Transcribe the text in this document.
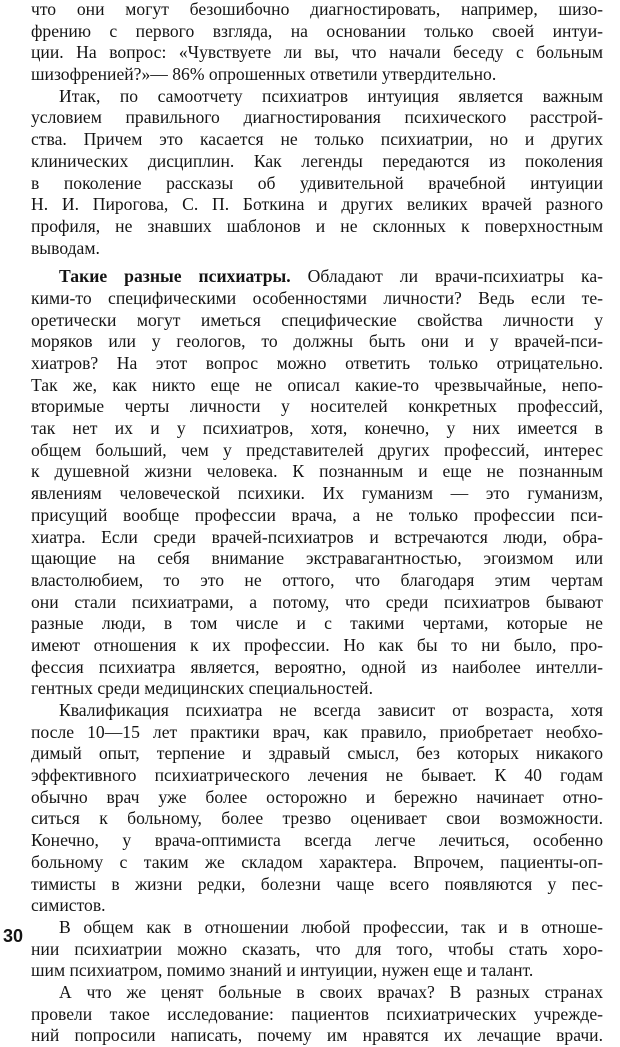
что они могут безошибочно диагностировать, например, шизо-
френию с первого взгляда, на основании только своей интуи-
ции. На вопрос: «Чувствуете ли вы, что начали беседу с больным
шизофренией?»— 86% опрошенных ответили утвердительно.
Итак, по самоотчету психиатров интуиция является важным
условием правильного диагностирования психического расстрой-
ства. Причем это касается не только психиатрии, но и других
клинических дисциплин. Как легенды передаются из поколения
в поколение рассказы об удивительной врачебной интуиции
Н. И. Пирогова, С. П. Боткина и других великих врачей разного
профиля, не знавших шаблонов и не склонных к поверхностным
выводам.
Такие разные психиатры. Обладают ли врачи-психиатры ка-
кими-то специфическими особенностями личности? Ведь если те-
оретически могут иметься специфические свойства личности у
моряков или у геологов, то должны быть они и у врачей-пси-
хиатров? На этот вопрос можно ответить только отрицательно.
Так же, как никто еще не описал какие-то чрезвычайные, непо-
вторимые черты личности у носителей конкретных профессий,
так нет их и у психиатров, хотя, конечно, у них имеется в
общем больший, чем у представителей других профессий, интерес
к душевной жизни человека. К познанным и еще не познанным
явлениям человеческой психики. Их гуманизм — это гуманизм,
присущий вообще профессии врача, а не только профессии пси-
хиатра. Если среди врачей-психиатров и встречаются люди, обра-
щающие на себя внимание экстравагантностью, эгоизмом или
властолюбием, то это не оттого, что благодаря этим чертам
они стали психиатрами, а потому, что среди психиатров бывают
разные люди, в том числе и с такими чертами, которые не
имеют отношения к их профессии. Но как бы то ни было, про-
фессия психиатра является, вероятно, одной из наиболее интелли-
гентных среди медицинских специальностей.
Квалификация психиатра не всегда зависит от возраста, хотя
после 10—15 лет практики врач, как правило, приобретает необхо-
димый опыт, терпение и здравый смысл, без которых никакого
эффективного психиатрического лечения не бывает. К 40 годам
обычно врач уже более осторожно и бережно начинает отно-
ситься к больному, более трезво оценивает свои возможности.
Конечно, у врача-оптимиста всегда легче лечиться, особенно
больному с таким же складом характера. Впрочем, пациенты-оп-
тимисты в жизни редки, болезни чаще всего появляются у пес-
симистов.
В общем как в отношении любой профессии, так и в отноше-
нии психиатрии можно сказать, что для того, чтобы стать хоро-
шим психиатром, помимо знаний и интуиции, нужен еще и талант.
А что же ценят больные в своих врачах? В разных странах
провели такое исследование: пациентов психиатрических учрежде-
ний попросили написать, почему им нравятся их лечащие врачи.
30
